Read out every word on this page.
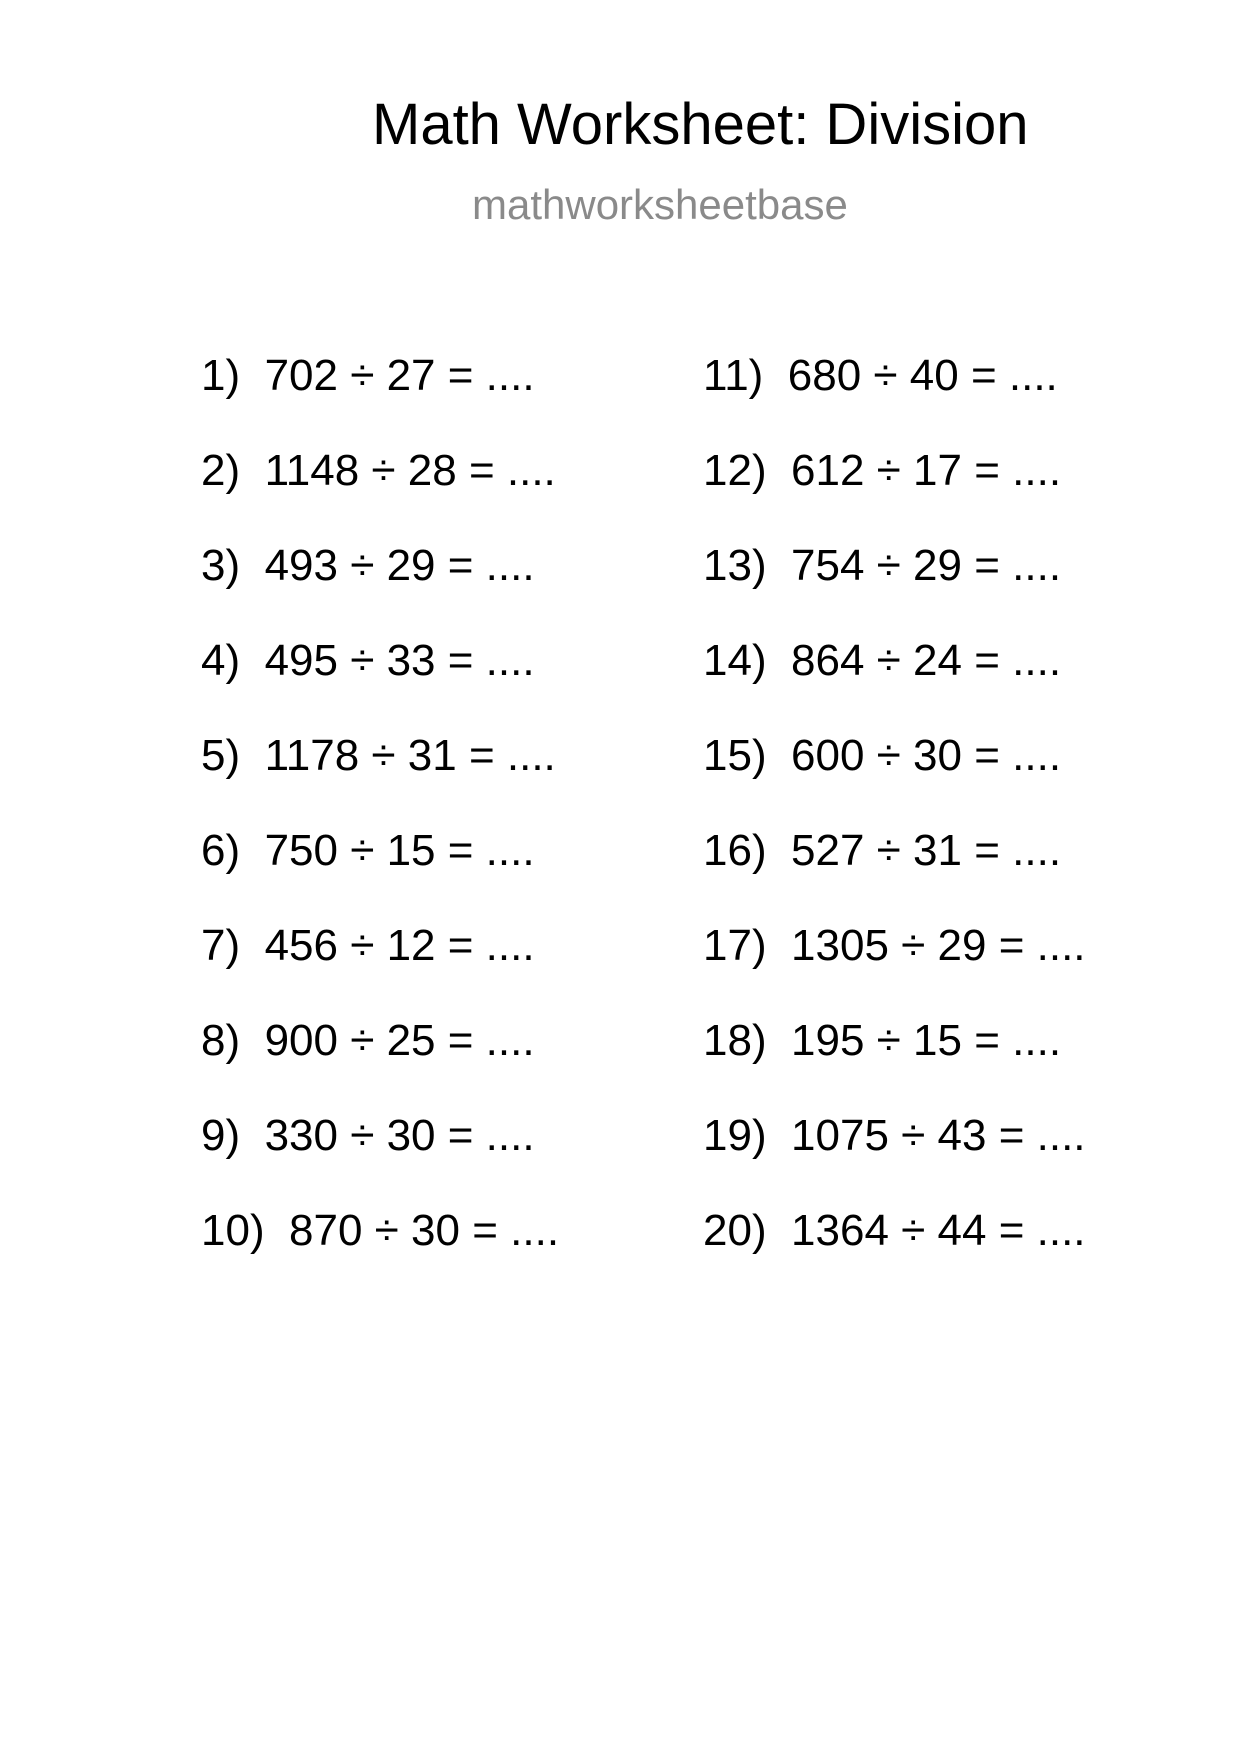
Math Worksheet: Division
mathworksheetbase
1) 702 ÷ 27 = ....
2) 1148 ÷ 28 = ....
3) 493 ÷ 29 = ....
4) 495 ÷ 33 = ....
5) 1178 ÷ 31 = ....
6) 750 ÷ 15 = ....
7) 456 ÷ 12 = ....
8) 900 ÷ 25 = ....
9) 330 ÷ 30 = ....
10) 870 ÷ 30 = ....
11) 680 ÷ 40 = ....
12) 612 ÷ 17 = ....
13) 754 ÷ 29 = ....
14) 864 ÷ 24 = ....
15) 600 ÷ 30 = ....
16) 527 ÷ 31 = ....
17) 1305 ÷ 29 = ....
18) 195 ÷ 15 = ....
19) 1075 ÷ 43 = ....
20) 1364 ÷ 44 = ....
